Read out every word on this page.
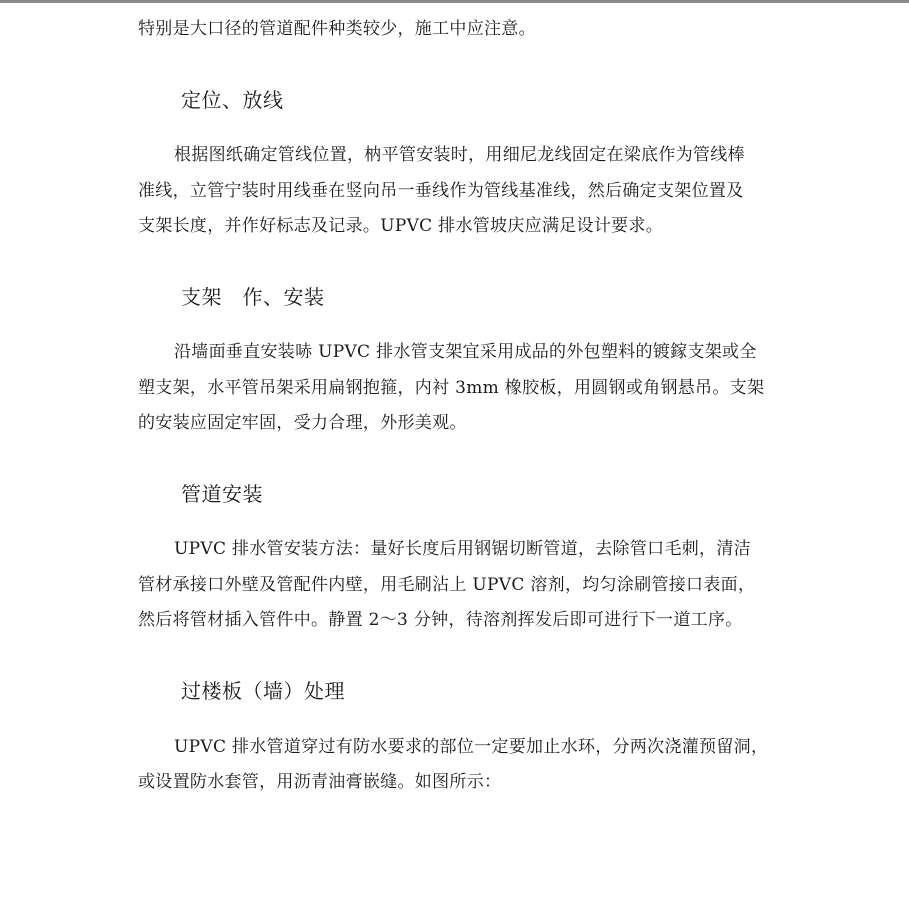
特别是大口径的管道配件种类较少，施工中应注意。
定位、放线
根据图纸确定管线位置，枘平管安装时，用细尼龙线固定在梁底作为管线棒
准线，立管宁装时用线垂在竖向吊一垂线作为管线基准线，然后确定支架位置及
支架长度，并作好标志及记录。UPVC 排水管坡庆应满足设计要求。
支架　作、安装
沿墙面垂直安装哧 UPVC 排水管支架宜采用成品的外包塑料的镀鎵支架或全
塑支架，水平管吊架采用扁钢抱箍，内衬 3mm 橡胶板，用圆钢或角钢悬吊。支架
的安装应固定牢固，受力合理，外形美观。
管道安装
UPVC 排水管安装方法：量好长度后用钢锯切断管道，去除管口毛刺，清洁
管材承接口外壁及管配件内壁，用毛刷沾上 UPVC 溶剂，均匀涂刷管接口表面，
然后将管材插入管件中。静置 2～3 分钟，待溶剂挥发后即可进行下一道工序。
过楼板（墙）处理
UPVC 排水管道穿过有防水要求的部位一定要加止水环，分两次浇灌预留洞，
或设置防水套管，用沥青油膏嵌缝。如图所示：
